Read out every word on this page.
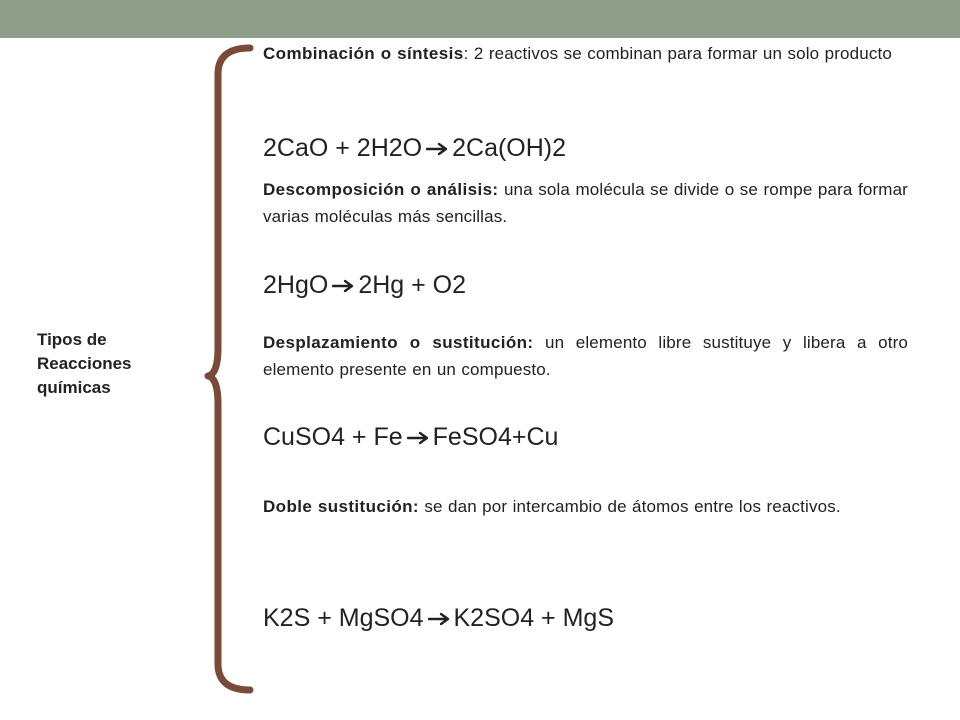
Tipos de
Reacciones
químicas
Combinación o síntesis: 2 reactivos se combinan para formar un solo producto
2CaO + 2H2O 2Ca(OH)2
Descomposición o análisis: una sola molécula se divide o se rompe para formar varias moléculas más sencillas.
2HgO 2Hg + O2
Desplazamiento o sustitución: un elemento libre sustituye y libera a otro elemento presente en un compuesto.
CuSO4 + Fe FeSO4+Cu
Doble sustitución: se dan por intercambio de átomos entre los reactivos.
K2S + MgSO4 K2SO4 + MgS
